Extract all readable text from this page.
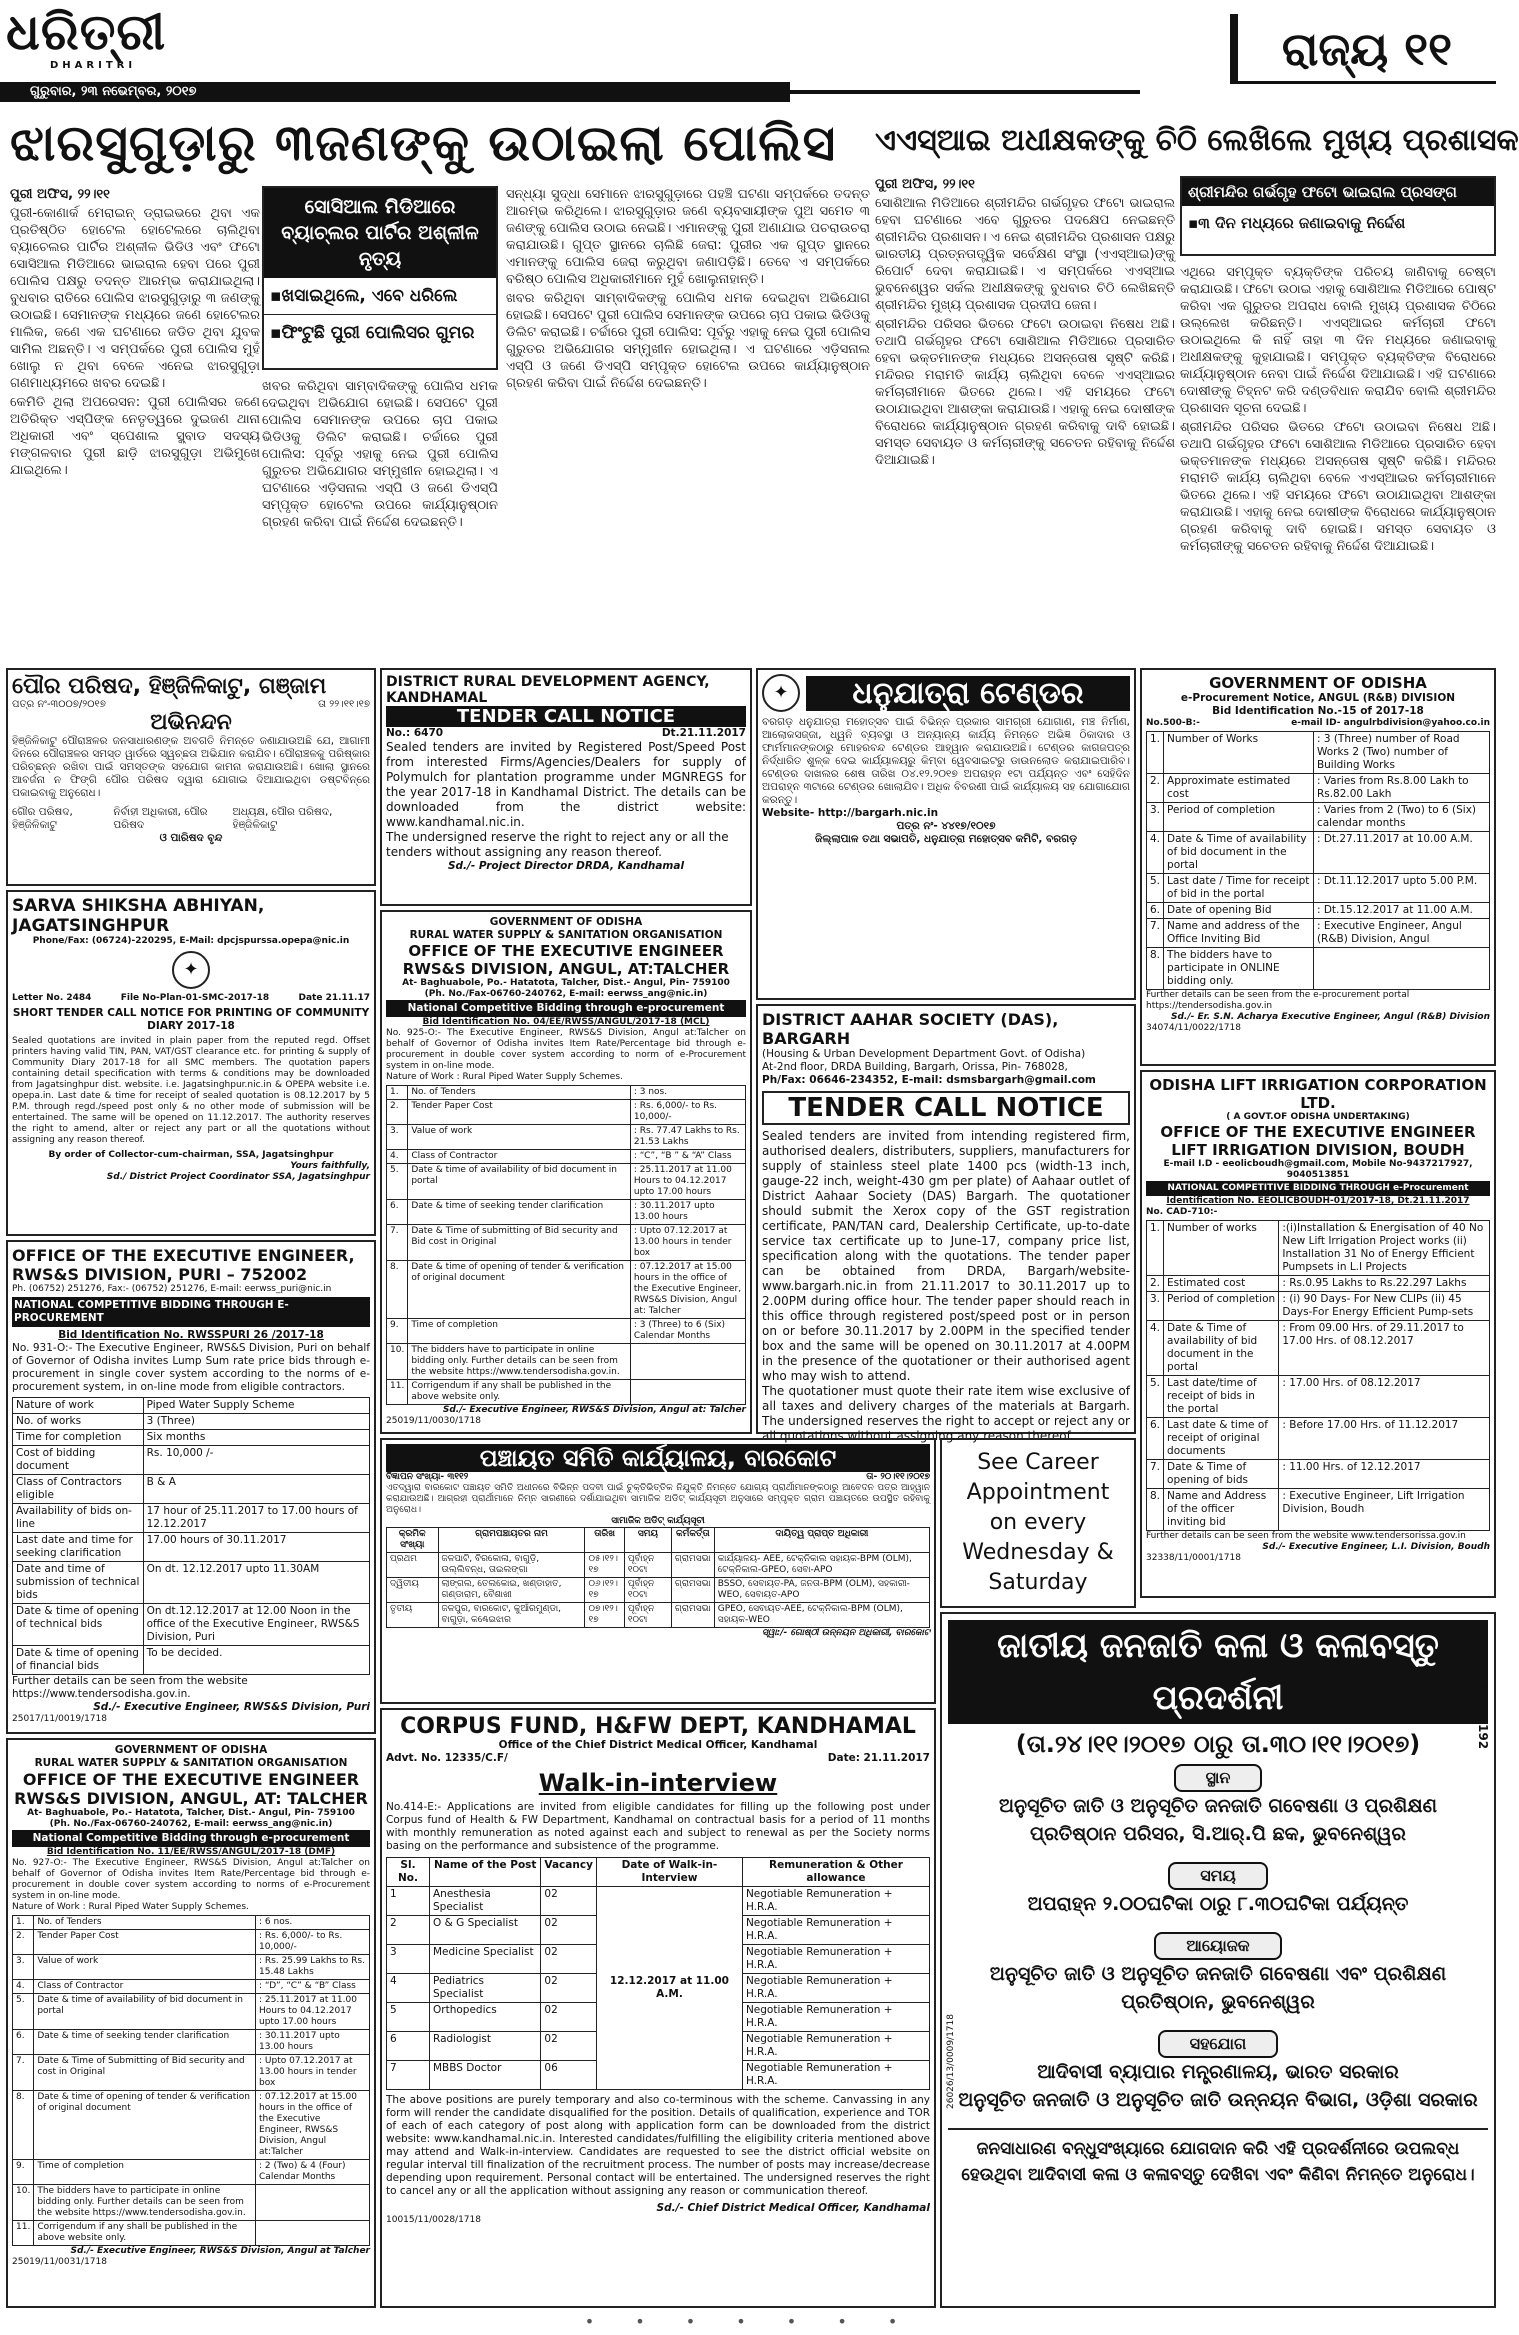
ଧରିତ୍ରୀ
DHARITRI
ଗୁରୁବାର, ୨୩ ନଭେମ୍ବର, ୨୦୧୭
ରାଜ୍ୟ ୧୧
ଝାରସୁଗୁଡ଼ାରୁ ୩ଜଣଙ୍କୁ ଉଠାଇଲା ପୋଲିସ

ପୁରୀ ଅଫିସ, ୨୨।୧୧

ପୁରୀ-କୋଣାର୍କ ମେରାଇନ୍ ଡ୍ରାଇଭରେ ଥିବା ଏକ ପ୍ରତିଷ୍ଠିତ ହୋଟେଲ ହୋଟେଲରେ ଚାଲିଥିବା ବ୍ୟାଚେଲର ପାର୍ଟିର ଅଶ୍ଳୀଳ ଭିଡିଓ ଏବଂ ଫଟୋ ସୋସିଆଲ ମିଡିଆରେ ଭାଇରାଲ ହେବା ପରେ ପୁରୀ ପୋଲିସ ପକ୍ଷରୁ ତଦନ୍ତ ଆରମ୍ଭ କରାଯାଇଥିଲା। ବୁଧବାର ରାତିରେ ପୋଲିସ ଝାରସୁଗୁଡ଼ାରୁ ୩ ଜଣଙ୍କୁ ଉଠାଇଛି। ସେମାନଙ୍କ ମଧ୍ୟରେ ଜଣେ ହୋଟେଲର ମାଲିକ, ଜଣେ ଏକ ଘଟଣାରେ ଜଡିତ ଥିବା ଯୁବକ ସାମିଲ ଅଛନ୍ତି। ଏ ସମ୍ପର୍କରେ ପୁରୀ ପୋଲିସ ମୁହଁ ଖୋଲୁ ନ ଥିବା ବେଳେ ଏନେଇ ଝାରସୁଗୁଡ଼ା ଗଣମାଧ୍ୟମରେ ଖବର ଦେଇଛି।

କେମିତି ଥିଲା ଅପରେସନ: ପୁରୀ ପୋଲିସର ଜଣେ ଅତିରିକ୍ତ ଏସ୍‌ପିଙ୍କ ନେତୃତ୍ୱରେ ଦୁଇଜଣ ଥାନା ଅଧିକାରୀ ଏବଂ ସ୍ପେଶାଲ ସ୍କ୍ବାଡ ସଦସ୍ୟ ମଙ୍ଗଳବାର ପୁରୀ ଛାଡ଼ି ଝାରସୁଗୁଡ଼ା ଅଭିମୁଖେ ଯାଇଥିଲେ।

ସୋସିଆଲ ମିଡିଆରେ ବ୍ୟାଚ୍‌ଲର ପାର୍ଟିର ଅଶ୍ଳୀଳ ନୃତ୍ୟ
▪ଖସାଇଥିଲେ, ଏବେ ଧରିଲେ
▪ଫିଂଟୁଛି ପୁରୀ ପୋଲିସର ଗୁମର

ଖବର କରିଥିବା ସାମ୍ବାଦିକଙ୍କୁ ପୋଲିସ ଧମକ ଦେଇଥିବା ଅଭିଯୋଗ ହୋଇଛି। ସେପଟେ ପୁରୀ ପୋଲିସ ସେମାନଙ୍କ ଉପରେ ଚାପ ପକାଇ ଭିଡିଓକୁ ଡିଲିଟ କରାଇଛି। ଚର୍ଚ୍ଚାରେ ପୁରୀ ପୋଲିସ: ପୂର୍ବରୁ ଏହାକୁ ନେଇ ପୁରୀ ପୋଲିସ ଗୁରୁତର ଅଭିଯୋଗର ସମ୍ମୁଖୀନ ହୋଇଥିଲା। ଏ ଘଟଣାରେ ଏଡ଼ିସନାଲ ଏସ୍‌ପି ଓ ଜଣେ ଡିଏସ୍‌ପି ସମ୍ପୃକ୍ତ ହୋଟେଲ ଉପରେ କାର୍ଯ୍ୟାନୁଷ୍ଠାନ ଗ୍ରହଣ କରିବା ପାଇଁ ନିର୍ଦ୍ଦେଶ ଦେଇଛନ୍ତି।

ସନ୍ଧ୍ୟା ସୁଦ୍ଧା ସେମାନେ ଝାରସୁଗୁଡ଼ାରେ ପହଞ୍ଚି ଘଟଣା ସମ୍ପର୍କରେ ତଦନ୍ତ ଆରମ୍ଭ କରିଥିଲେ। ଝାରସୁଗୁଡ଼ାର ଜଣେ ବ୍ୟବସାୟୀଙ୍କ ପୁଅ ସମେତ ୩ ଜଣଙ୍କୁ ପୋଲିସ ଉଠାଇ ନେଇଛି। ଏମାନଙ୍କୁ ପୁରୀ ଅଣାଯାଇ ପଚରାଉଚରା କରାଯାଉଛି। ଗୁପ୍ତ ସ୍ଥାନରେ ଚାଲିଛି ଜେରା: ପୁରୀର ଏକ ଗୁପ୍ତ ସ୍ଥାନରେ ଏମାନଙ୍କୁ ପୋଲିସ ଜେରା କରୁଥିବା ଜଣାପଡ଼ିଛି। ତେବେ ଏ ସମ୍ପର୍କରେ ବରିଷ୍ଠ ପୋଲିସ ଅଧିକାରୀମାନେ ମୁହଁ ଖୋଲୁନାହାନ୍ତି।

ଖବର କରିଥିବା ସାମ୍ବାଦିକଙ୍କୁ ପୋଲିସ ଧମକ ଦେଇଥିବା ଅଭିଯୋଗ ହୋଇଛି। ସେପଟେ ପୁରୀ ପୋଲିସ ସେମାନଙ୍କ ଉପରେ ଚାପ ପକାଇ ଭିଡିଓକୁ ଡିଲିଟ କରାଇଛି। ଚର୍ଚ୍ଚାରେ ପୁରୀ ପୋଲିସ: ପୂର୍ବରୁ ଏହାକୁ ନେଇ ପୁରୀ ପୋଲିସ ଗୁରୁତର ଅଭିଯୋଗର ସମ୍ମୁଖୀନ ହୋଇଥିଲା। ଏ ଘଟଣାରେ ଏଡ଼ିସନାଲ ଏସ୍‌ପି ଓ ଜଣେ ଡିଏସ୍‌ପି ସମ୍ପୃକ୍ତ ହୋଟେଲ ଉପରେ କାର୍ଯ୍ୟାନୁଷ୍ଠାନ ଗ୍ରହଣ କରିବା ପାଇଁ ନିର୍ଦ୍ଦେଶ ଦେଇଛନ୍ତି।

ଏଏସ୍‌ଆଇ ଅଧୀକ୍ଷକଙ୍କୁ ଚିଠି ଲେଖିଲେ ମୁଖ୍ୟ ପ୍ରଶାସକ

ପୁରୀ ଅଫିସ, ୨୨।୧୧

ସୋଶିଆଲ ମିଡିଆରେ ଶ୍ରୀମନ୍ଦିର ଗର୍ଭଗୃହର ଫଟୋ ଭାଇରାଲ ହେବା ଘଟଣାରେ ଏବେ ଗୁରୁତର ପଦକ୍ଷେପ ନେଇଛନ୍ତି ଶ୍ରୀମନ୍ଦିର ପ୍ରଶାସନ। ଏ ନେଇ ଶ୍ରୀମନ୍ଦିର ପ୍ରଶାସନ ପକ୍ଷରୁ ଭାରତୀୟ ପ୍ରତ୍ନତାତ୍ତ୍ୱିକ ସର୍ବେକ୍ଷଣ ସଂସ୍ଥା (ଏଏସ୍‌ଆଇ)ଙ୍କୁ ରିପୋର୍ଟ ଦେବା କରାଯାଇଛି। ଏ ସମ୍ପର୍କରେ ଏଏସ୍‌ଆଇ ଭୁବନେଶ୍ୱର ସର୍କଲ ଅଧୀକ୍ଷକଙ୍କୁ ବୁଧବାର ଚିଠି ଲେଖିଛନ୍ତି ଶ୍ରୀମନ୍ଦିର ମୁଖ୍ୟ ପ୍ରଶାସକ ପ୍ରଦୀପ ଜେନା।

ଶ୍ରୀମନ୍ଦିର ପରିସର ଭିତରେ ଫଟୋ ଉଠାଇବା ନିଷେଧ ଅଛି। ତଥାପି ଗର୍ଭଗୃହର ଫଟୋ ସୋଶିଆଲ ମିଡିଆରେ ପ୍ରସାରିତ ହେବା ଭକ୍ତମାନଙ୍କ ମଧ୍ୟରେ ଅସନ୍ତୋଷ ସୃଷ୍ଟି କରିଛି। ମନ୍ଦିରର ମରାମତି କାର୍ଯ୍ୟ ଚାଲିଥିବା ବେଳେ ଏଏସ୍‌ଆଇର କର୍ମଚାରୀମାନେ ଭିତରେ ଥିଲେ। ଏହି ସମୟରେ ଫଟୋ ଉଠାଯାଇଥିବା ଆଶଙ୍କା କରାଯାଉଛି। ଏହାକୁ ନେଇ ଦୋଷୀଙ୍କ ବିରୋଧରେ କାର୍ଯ୍ୟାନୁଷ୍ଠାନ ଗ୍ରହଣ କରିବାକୁ ଦାବି ହୋଇଛି। ସମସ୍ତ ସେବାୟତ ଓ କର୍ମଚାରୀଙ୍କୁ ସଚେତନ ରହିବାକୁ ନିର୍ଦ୍ଦେଶ ଦିଆଯାଇଛି।

ଶ୍ରୀମନ୍ଦିର ଗର୍ଭଗୃହ ଫଟୋ ଭାଇରାଲ ପ୍ରସଙ୍ଗ
▪୩ ଦିନ ମଧ୍ୟରେ ଜଣାଇବାକୁ ନିର୍ଦ୍ଦେଶ

ଏଥିରେ ସମ୍ପୃକ୍ତ ବ୍ୟକ୍ତିଙ୍କ ପରିଚୟ ଜାଣିବାକୁ ଚେଷ୍ଟା କରାଯାଉଛି। ଫଟୋ ଉଠାଇ ଏହାକୁ ସୋଶିଆଲ ମିଡିଆରେ ପୋଷ୍ଟ କରିବା ଏକ ଗୁରୁତର ଅପରାଧ ବୋଲି ମୁଖ୍ୟ ପ୍ରଶାସକ ଚିଠିରେ ଉଲ୍ଲେଖ କରିଛନ୍ତି। ଏଏସ୍‌ଆଇର କର୍ମଚାରୀ ଫଟୋ ଉଠାଇଥିଲେ କି ନାହିଁ ତାହା ୩ ଦିନ ମଧ୍ୟରେ ଜଣାଇବାକୁ ଅଧୀକ୍ଷକଙ୍କୁ କୁହାଯାଇଛି। ସମ୍ପୃକ୍ତ ବ୍ୟକ୍ତିଙ୍କ ବିରୋଧରେ କାର୍ଯ୍ୟାନୁଷ୍ଠାନ ନେବା ପାଇଁ ନିର୍ଦ୍ଦେଶ ଦିଆଯାଇଛି। ଏହି ଘଟଣାରେ ଦୋଷୀଙ୍କୁ ଚିହ୍ନଟ କରି ଦଣ୍ଡବିଧାନ କରାଯିବ ବୋଲି ଶ୍ରୀମନ୍ଦିର ପ୍ରଶାସନ ସୂଚନା ଦେଇଛି।

ଶ୍ରୀମନ୍ଦିର ପରିସର ଭିତରେ ଫଟୋ ଉଠାଇବା ନିଷେଧ ଅଛି। ତଥାପି ଗର୍ଭଗୃହର ଫଟୋ ସୋଶିଆଲ ମିଡିଆରେ ପ୍ରସାରିତ ହେବା ଭକ୍ତମାନଙ୍କ ମଧ୍ୟରେ ଅସନ୍ତୋଷ ସୃଷ୍ଟି କରିଛି। ମନ୍ଦିରର ମରାମତି କାର୍ଯ୍ୟ ଚାଲିଥିବା ବେଳେ ଏଏସ୍‌ଆଇର କର୍ମଚାରୀମାନେ ଭିତରେ ଥିଲେ। ଏହି ସମୟରେ ଫଟୋ ଉଠାଯାଇଥିବା ଆଶଙ୍କା କରାଯାଉଛି। ଏହାକୁ ନେଇ ଦୋଷୀଙ୍କ ବିରୋଧରେ କାର୍ଯ୍ୟାନୁଷ୍ଠାନ ଗ୍ରହଣ କରିବାକୁ ଦାବି ହୋଇଛି। ସମସ୍ତ ସେବାୟତ ଓ କର୍ମଚାରୀଙ୍କୁ ସଚେତନ ରହିବାକୁ ନିର୍ଦ୍ଦେଶ ଦିଆଯାଇଛି।

ପୌର ପରିଷଦ, ହିଞ୍ଜିଳିକାଟୁ, ଗଞ୍ଜାମ
ପତ୍ର ନଂ-୩୦୦୭/୨୦୧୭	ତା ୨୨।୧୧।୧୭
ଅଭିନନ୍ଦନ
ହିଞ୍ଜିଳିକାଟୁ ପୌରାଞ୍ଚଳର ଜନସାଧାରଣଙ୍କ ଅବଗତି ନିମନ୍ତେ ଜଣାଯାଉଅଛି ଯେ, ଆଗାମୀ ଦିନରେ ପୌରାଞ୍ଚଳର ସମସ୍ତ ୱାର୍ଡରେ ସ୍ୱଚ୍ଛତା ଅଭିଯାନ କରାଯିବ। ପୌରାଞ୍ଚଳକୁ ପରିଷ୍କାର ପରିଚ୍ଛନ୍ନ ରଖିବା ପାଇଁ ସମସ୍ତଙ୍କ ସହଯୋଗ କାମନା କରାଯାଉଅଛି। ଖୋଲା ସ୍ଥାନରେ ଆବର୍ଜନା ନ ଫିଙ୍ଗି ପୌର ପରିଷଦ ଦ୍ୱାରା ଯୋଗାଇ ଦିଆଯାଇଥିବା ଡଷ୍ଟବିନ୍‌ରେ ପକାଇବାକୁ ଅନୁରୋଧ।
ଗୌର ପରିଷଦ, ହିଞ୍ଜିଳିକାଟୁ
ନିର୍ବାହୀ ଅଧିକାରୀ, ପୌର ପରିଷଦ
ଅଧ୍ୟକ୍ଷ, ପୌର ପରିଷଦ, ହିଞ୍ଜିଳିକାଟୁ
ଓ ପାରିଷଦ ବୃନ୍ଦ
SARVA SHIKSHA ABHIYAN, JAGATSINGHPUR
Phone/Fax: (06724)-220295, E-Mail: dpcjspurssa.opepa@nic.in
✦
Letter No. 2484	File No-Plan-01-SMC-2017-18	Date 21.11.17
SHORT TENDER CALL NOTICE FOR PRINTING OF COMMUNITY DIARY 2017-18
Sealed quotations are invited in plain paper from the reputed regd. Offset printers having valid TIN, PAN, VAT/GST clearance etc. for printing & supply of Community Diary 2017-18 for all SMC members. The quotation papers containing detail specification with terms & conditions may be downloaded from Jagatsinghpur dist. website. i.e. Jagatsinghpur.nic.in & OPEPA website i.e. opepa.in. Last date & time for receipt of sealed quotation is 08.12.2017 by 5 P.M. through regd./speed post only & no other mode of submission will be entertained. The same will be opened on 11.12.2017. The authority reserves the right to amend, alter or reject any part or all the quotations without assigning any reason thereof.
By order of Collector-cum-chairman, SSA, Jagatsinghpur
Yours faithfully,
Sd./ District Project Coordinator SSA, Jagatsinghpur
OFFICE OF THE EXECUTIVE ENGINEER, RWS&S DIVISION, PURI – 752002
Ph. (06752) 251276, Fax:- (06752) 251276, E-mail: eerwss_puri@nic.in
NATIONAL COMPETITIVE BIDDING THROUGH E-PROCUREMENT
Bid Identification No. RWSSPURI 26 /2017-18
No. 931-O:- The Executive Engineer, RWS&S Division, Puri on behalf of Governor of Odisha invites Lump Sum rate price bids through e-procurement in single cover system according to the norms of e-procurement system, in on-line mode from eligible contractors.
Nature of work	Piped Water Supply Scheme
No. of works	3 (Three)
Time for completion	Six months
Cost of bidding document	Rs. 10,000 /-
Class of Contractors eligible	B & A
Availability of bids on-line	17 hour of 25.11.2017 to 17.00 hours of 12.12.2017
Last date and time for seeking clarification	17.00 hours of 30.11.2017
Date and time of submission of technical bids	On dt. 12.12.2017 upto 11.30AM
Date & time of opening of technical bids	On dt.12.12.2017 at 12.00 Noon in the office of the Executive Engineer, RWS&S Division, Puri
Date & time of opening of financial bids	To be decided.
Further details can be seen from the website https://www.tendersodisha.gov.in.
Sd./- Executive Engineer, RWS&S Division, Puri
25017/11/0019/1718
GOVERNMENT OF ODISHA
RURAL WATER SUPPLY & SANITATION ORGANISATION
OFFICE OF THE EXECUTIVE ENGINEER
RWS&S DIVISION, ANGUL, AT: TALCHER
At- Baghuabole, Po.- Hatatota, Talcher, Dist.- Angul, Pin- 759100
(Ph. No./Fax-06760-240762, E-mail: eerwss_ang@nic.in)
National Competitive Bidding through e-procurement
Bid Identification No. 11/EE/RWSS/ANGUL/2017-18 (DMF)
No. 927-O:- The Executive Engineer, RWS&S Division, Angul at:Talcher on behalf of Governor of Odisha invites Item Rate/Percentage bid through e-procurement in double cover system according to norms of e-Procurement system in on-line mode.
Nature of Work : Rural Piped Water Supply Schemes.
1.	No. of Tenders	: 6 nos.
2.	Tender Paper Cost	: Rs. 6,000/- to Rs. 10,000/-
3.	Value of work	: Rs. 25.99 Lakhs to Rs. 15.48 Lakhs
4.	Class of Contractor	: “D”, “C” & “B” Class
5.	Date & time of availability of bid document in portal	: 25.11.2017 at 11.00 Hours to 04.12.2017 upto 17.00 hours
6.	Date & time of seeking tender clarification	: 30.11.2017 upto 13.00 hours
7.	Date & Time of Submitting of Bid security and cost in Original	: Upto 07.12.2017 at 13.00 hours in tender box
8.	Date & time of opening of tender & verification of original document	: 07.12.2017 at 15.00 hours in the office of the Executive Engineer, RWS&S Division, Angul at:Talcher
9.	Time of completion	: 2 (Two) & 4 (Four) Calendar Months
10.	The bidders have to participate in online bidding only. Further details can be seen from the website https://www.tendersodisha.gov.in.	
11.	Corrigendum if any shall be published in the above website only.	
Sd./- Executive Engineer, RWS&S Division, Angul at Talcher
25019/11/0031/1718
DISTRICT RURAL DEVELOPMENT AGENCY, KANDHAMAL
TENDER CALL NOTICE
No.: 6470	Dt.21.11.2017
Sealed tenders are invited by Registered Post/Speed Post from interested Firms/Agencies/Dealers for supply of Polymulch for plantation programme under MGNREGS for the year 2017-18 in Kandhamal District. The details can be downloaded from the district website: www.kandhamal.nic.in.
The undersigned reserve the right to reject any or all the tenders without assigning any reason thereof.
Sd./- Project Director DRDA, Kandhamal
GOVERNMENT OF ODISHA
RURAL WATER SUPPLY & SANITATION ORGANISATION
OFFICE OF THE EXECUTIVE ENGINEER
RWS&S DIVISION, ANGUL, AT:TALCHER
At- Baghuabole, Po.- Hatatota, Talcher, Dist.- Angul, Pin- 759100
(Ph. No./Fax-06760-240762, E-mail: eerwss_ang@nic.in)
National Competitive Bidding through e-procurement
Bid Identification No. 04/EE/RWSS/ANGUL/2017-18 (MCL)
No. 925-O:- The Executive Engineer, RWS&S Division, Angul at:Talcher on behalf of Governor of Odisha invites Item Rate/Percentage bid through e-procurement in double cover system according to norm of e-Procurement system in on-line mode.
Nature of Work : Rural Piped Water Supply Schemes.
1.	No. of Tenders	: 3 nos.
2.	Tender Paper Cost	: Rs. 6,000/- to Rs. 10,000/-
3.	Value of work	: Rs. 77.47 Lakhs to Rs. 21.53 Lakhs
4.	Class of Contractor	: “C”, “B ” & “A” Class
5.	Date & time of availability of bid document in portal	: 25.11.2017 at 11.00 Hours to 04.12.2017 upto 17.00 hours
6.	Date & time of seeking tender clarification	: 30.11.2017 upto 13.00 hours
7.	Date & Time of submitting of Bid security and Bid cost in Original	: Upto 07.12.2017 at 13.00 hours in tender box
8.	Date & time of opening of tender & verification of original document	: 07.12.2017 at 15.00 hours in the office of the Executive Engineer, RWS&S Division, Angul at: Talcher
9.	Time of completion	: 3 (Three) to 6 (Six) Calendar Months
10.	The bidders have to participate in online bidding only. Further details can be seen from the website https://www.tendersodisha.gov.in.	
11.	Corrigendum if any shall be published in the above website only.	
Sd./- Executive Engineer, RWS&S Division, Angul at: Talcher
25019/11/0030/1718
✦	ଧନୁଯାତ୍ରା ଟେଣ୍ଡର
ବରଗଡ଼ ଧନୁଯାତ୍ରା ମହୋତ୍ସବ ପାଇଁ ବିଭିନ୍ନ ପ୍ରକାର ସାମଗ୍ରୀ ଯୋଗାଣ, ମଞ୍ଚ ନିର୍ମାଣ, ଆଲୋକସଜ୍ଜା, ଧ୍ୱନି ବ୍ୟବସ୍ଥା ଓ ଅନ୍ୟାନ୍ୟ କାର୍ଯ୍ୟ ନିମନ୍ତେ ଅଭିଜ୍ଞ ଠିକାଦାର ଓ ଫାର୍ମମାନଙ୍କଠାରୁ ମୋହରବନ୍ଦ ଟେଣ୍ଡର ଆହ୍ୱାନ କରାଯାଉଅଛି। ଟେଣ୍ଡର କାଗଜପତ୍ର ନିର୍ଦ୍ଧାରିତ ଶୁଳ୍କ ଦେଇ କାର୍ଯ୍ୟାଳୟରୁ କିମ୍ବା ୱେବସାଇଟରୁ ଡାଉନଲୋଡ କରାଯାଇପାରିବ। ଟେଣ୍ଡର ଦାଖଲର ଶେଷ ତାରିଖ ୦୪.୧୨.୨୦୧୭ ଅପରାହ୍ନ ୧ଟା ପର୍ଯ୍ୟନ୍ତ ଏବଂ ସେହିଦିନ ଅପରାହ୍ନ ୩ଟାରେ ଟେଣ୍ଡର ଖୋଲାଯିବ। ଅଧିକ ବିବରଣୀ ପାଇଁ କାର୍ଯ୍ୟାଳୟ ସହ ଯୋଗାଯୋଗ କରନ୍ତୁ।
Website- http://bargarh.nic.in
ପତ୍ର ନଂ- ୪୪୧୭/୧୦୧୭
ଜିଲ୍ଲାପାଳ ତଥା ସଭାପତି, ଧନୁଯାତ୍ରା ମହୋତ୍ସବ କମିଟି, ବରଗଡ଼
DISTRICT AAHAR SOCIETY (DAS), BARGARH
(Housing & Urban Development Department Govt. of Odisha)
At-2nd floor, DRDA Building, Bargarh, Orissa, Pin- 768028,
Ph/Fax: 06646-234352, E-mail: dsmsbargarh@gmail.com
TENDER CALL NOTICE
Sealed tenders are invited from intending registered firm, authorised dealers, distributers, suppliers, manufacturers for supply of stainless steel plate 1400 pcs (width-13 inch, gauge-22 inch, weight-430 gm per plate) of Aahaar outlet of District Aahaar Society (DAS) Bargarh. The quotationer should submit the Xerox copy of the GST registration certificate, PAN/TAN card, Dealership Certificate, up-to-date service tax certificate up to June-17, company price list, specification along with the quotations. The tender paper can be obtained from DRDA, Bargarh/website-www.bargarh.nic.in from 21.11.2017 to 30.11.2017 up to 2.00PM during office hour. The tender paper should reach in this office through registered post/speed post or in person on or before 30.11.2017 by 2.00PM in the specified tender box and the same will be opened on 30.11.2017 at 4.00PM in the presence of the quotationer or their authorised agent who may wish to attend.
The quotationer must quote their rate item wise exclusive of all taxes and delivery charges of the materials at Bargarh. The undersigned reserves the right to accept or reject any or all quotations without assigning any reason thereof.
GOVERNMENT OF ODISHA
e-Procurement Notice, ANGUL (R&B) DIVISION
Bid Identification No.-15 of 2017-18
No.500-B:-	e-mail ID- angulrbdivision@yahoo.co.in
1.	Number of Works	: 3 (Three) number of Road Works 2 (Two) number of Building Works
2.	Approximate estimated cost	: Varies from Rs.8.00 Lakh to Rs.82.00 Lakh
3.	Period of completion	: Varies from 2 (Two) to 6 (Six) calendar months
4.	Date & Time of availability of bid document in the portal	: Dt.27.11.2017 at 10.00 A.M.
5.	Last date / Time for receipt of bid in the portal	: Dt.11.12.2017 upto 5.00 P.M.
6.	Date of opening Bid	: Dt.15.12.2017 at 11.00 A.M.
7.	Name and address of the Office Inviting Bid	: Executive Engineer, Angul (R&B) Division, Angul
8.	The bidders have to participate in ONLINE bidding only.	
Further details can be seen from the e-procurement portal https://tendersodisha.gov.in
Sd./- Er. S.N. Acharya Executive Engineer, Angul (R&B) Division
34074/11/0022/1718
ODISHA LIFT IRRIGATION CORPORATION LTD.
( A GOVT.OF ODISHA UNDERTAKING)
OFFICE OF THE EXECUTIVE ENGINEER LIFT IRRIGATION DIVISION, BOUDH
E-mail I.D - eeolicboudh@gmail.com, Mobile No-9437217927, 9040513851
NATIONAL COMPETITIVE BIDDING THROUGH e-Procurement
Identification No. EEOLICBOUDH-01/2017-18, Dt.21.11.2017
No. CAD-710:-
1.	Number of works	:(i)Installation & Energisation of 40 No New Lift Irrigation Project works (ii) Installation 31 No of Energy Efficient Pumpsets in L.I Projects
2.	Estimated cost	: Rs.0.95 Lakhs to Rs.22.297 Lakhs
3.	Period of completion	: (i) 90 Days- For New CLIPs (ii) 45 Days-For Energy Efficient Pump-sets
4.	Date & Time of availability of bid document in the portal	: From 09.00 Hrs. of 29.11.2017 to 17.00 Hrs. of 08.12.2017
5.	Last date/time of receipt of bids in the portal	: 17.00 Hrs. of 08.12.2017
6.	Last date & time of receipt of original documents	: Before 17.00 Hrs. of 11.12.2017
7.	Date & Time of opening of bids	: 11.00 Hrs. of 12.12.2017
8.	Name and Address of the officer inviting bid	: Executive Engineer, Lift Irrigation Division, Boudh
Further details can be seen from the website www.tendersorissa.gov.in
Sd./- Executive Engineer, L.I. Division, Boudh
32338/11/0001/1718
ପଞ୍ଚାୟତ ସମିତି କାର୍ଯ୍ୟାଳୟ, ବାରକୋଟ
ବିଜ୍ଞାପନ ସଂଖ୍ୟା- ୩୧୧୨	ତା- ୨୦।୧୧।୨୦୧୭
ଏତଦ୍ୱାରା ବାରକୋଟ ପଞ୍ଚାୟତ ସମିତି ଅଧୀନରେ ବିଭିନ୍ନ ପଦବୀ ପାଇଁ ଚୁକ୍ତିଭିତ୍ତିକ ନିଯୁକ୍ତି ନିମନ୍ତେ ଯୋଗ୍ୟ ପ୍ରାର୍ଥୀମାନଙ୍କଠାରୁ ଆବେଦନ ପତ୍ର ଆହ୍ୱାନ କରାଯାଉଅଛି। ଆଗ୍ରହୀ ପ୍ରାର୍ଥୀମାନେ ନିମ୍ନ ସାରଣୀରେ ଦର୍ଶାଯାଇଥିବା ସାମାଜିକ ଅଡିଟ୍ କାର୍ଯ୍ୟସୂଚୀ ଅନୁସାରେ ସମ୍ପୃକ୍ତ ଗ୍ରାମ ପଞ୍ଚାୟତରେ ଉପସ୍ଥିତ ରହିବାକୁ ଅନୁରୋଧ।
ସାମାଜିକ ଅଡିଟ୍ କାର୍ଯ୍ୟସୂଚୀ
କ୍ରମିକ ସଂଖ୍ୟା	ଗ୍ରାମପଞ୍ଚାୟତର ନାମ	ତାରିଖ	ସମୟ	କର୍ମକର୍ତ୍ତା	ଦାୟିତ୍ୱ ପ୍ରାପ୍ତ ଅଧିକାରୀ
ପ୍ରଥମ	ଜଳପାଟି, ବିରକୋଳା, ବାଗୁଡ଼ି, ଉଲ୍ଲିବନ୍ଧ, ତାଇଲଙ୍ଗା	୦୫।୧୨।୧୭	ପୂର୍ବାହ୍ନ ୧୦ଟା	ଗ୍ରାମସଭା	କାର୍ଯ୍ୟାଳୟ- AEE, ଟେକ୍ନିକାଲ ସହାୟକ-BPM (OLM), ଟେକ୍ନିକାଲ-GPEO, ସେବା-APO
ଦ୍ୱିତୀୟ	ଲାଙ୍ଗଲ, ତେଲକୋଇ, ଖଣ୍ଡାହାତ, ଗଣ୍ଡାରାମ, ବୈଶାଖୀ	୦୬।୧୨।୧୭	ପୂର୍ବାହ୍ନ ୧୦ଟା	ଗ୍ରାମସଭା	BSSO, ସେବାୟତ-PA, ଜନତା-BPM (OLM), ସହକାରୀ-WEO, ସେବାୟତ-APO
ତୃତୀୟ	ଜଳପୁର, ବାରକୋଟ, କୁଆଁରମୁଣ୍ଡା, ବାଗୁଡ଼ା, କଣ୍ଢେଇଝାର	୦୭।୧୨।୧୭	ପୂର୍ବାହ୍ନ ୧୦ଟା	ଗ୍ରାମସଭା	GPEO, ସେବାୟତ-AEE, ଟେକ୍ନିକାଲ-BPM (OLM), ସହାୟକ-WEO
ସ୍ୱା:/- ଗୋଷ୍ଠୀ ଉନ୍ନୟନ ଅଧିକାରୀ, ବାରକୋଟ
See Career Appointment on every Wednesday & Saturday
CORPUS FUND, H&FW DEPT, KANDHAMAL
Office of the Chief District Medical Officer, Kandhamal
Advt. No. 12335/C.F/	Date: 21.11.2017
Walk-in-interview
No.414-E:- Applications are invited from eligible candidates for filling up the following post under Corpus fund of Health & FW Department, Kandhamal on contractual basis for a period of 11 months with monthly remuneration as noted against each and subject to renewal as per the Society norms basing on the performance and subsistence of the programme.
Sl. No.	Name of the Post	Vacancy	Date of Walk-in-Interview	Remuneration & Other allowance
1	Anesthesia Specialist	02	12.12.2017 at 11.00 A.M.	Negotiable Remuneration + H.R.A.
2	O & G Specialist	02		Negotiable Remuneration + H.R.A.
3	Medicine Specialist	02		Negotiable Remuneration + H.R.A.
4	Pediatrics Specialist	02		Negotiable Remuneration + H.R.A.
5	Orthopedics	02		Negotiable Remuneration + H.R.A.
6	Radiologist	02		Negotiable Remuneration + H.R.A.
7	MBBS Doctor	06		Negotiable Remuneration + H.R.A.
The above positions are purely temporary and also co-terminous with the scheme. Canvassing in any form will render the candidate disqualified for the position. Details of qualification, experience and TOR of each of each category of post along with application form can be downloaded from the district website: www.kandhamal.nic.in. Interested candidates/fulfilling the eligibility criteria mentioned above may attend and Walk-in-interview. Candidates are requested to see the district official website on regular interval till finalization of the recruitment process. The number of posts may increase/decrease depending upon requirement. Personal contact will be entertained. The undersigned reserves the right to cancel any or all the application without assigning any reason or communication thereof.
Sd./- Chief District Medical Officer, Kandhamal
10015/11/0028/1718
ଜାତୀୟ ଜନଜାତି କଳା ଓ କଳାବସ୍ତୁ ପ୍ରଦର୍ଶନୀ
(ତା.୨୪।୧୧।୨୦୧୭ ଠାରୁ ତା.୩୦।୧୧।୨୦୧୭)
ସ୍ଥାନ
ଅନୁସୂଚିତ ଜାତି ଓ ଅନୁସୂଚିତ ଜନଜାତି ଗବେଷଣା ଓ ପ୍ରଶିକ୍ଷଣ ପ୍ରତିଷ୍ଠାନ ପରିସର, ସି.ଆର୍.ପି ଛକ, ଭୁବନେଶ୍ୱର
ସମୟ
ଅପରାହ୍ନ ୨.୦୦ଘଟିକା ଠାରୁ ୮.୩୦ଘଟିକା ପର୍ଯ୍ୟନ୍ତ
ଆୟୋଜକ
ଅନୁସୂଚିତ ଜାତି ଓ ଅନୁସୂଚିତ ଜନଜାତି ଗବେଷଣା ଏବଂ ପ୍ରଶିକ୍ଷଣ ପ୍ରତିଷ୍ଠାନ, ଭୁବନେଶ୍ୱର
ସହଯୋଗ
ଆଦିବାସୀ ବ୍ୟାପାର ମନ୍ତ୍ରଣାଳୟ, ଭାରତ ସରକାର
ଅନୁସୂଚିତ ଜନଜାତି ଓ ଅନୁସୂଚିତ ଜାତି ଉନ୍ନୟନ ବିଭାଗ, ଓଡ଼ିଶା ସରକାର
ଜନସାଧାରଣ ବନ୍ଧୁସଂଖ୍ୟାରେ ଯୋଗଦାନ କରି ଏହି ପ୍ରଦର୍ଶନୀରେ ଉପଲବ୍ଧ ହେଉଥିବା ଆଦିବାସୀ କଳା ଓ କଳାବସ୍ତୁ ଦେଖିବା ଏବଂ କିଣିବା ନିମନ୍ତେ ଅନୁରୋଧ।
DSPL-192
26026/13/0009/1718
• • • • • • •
